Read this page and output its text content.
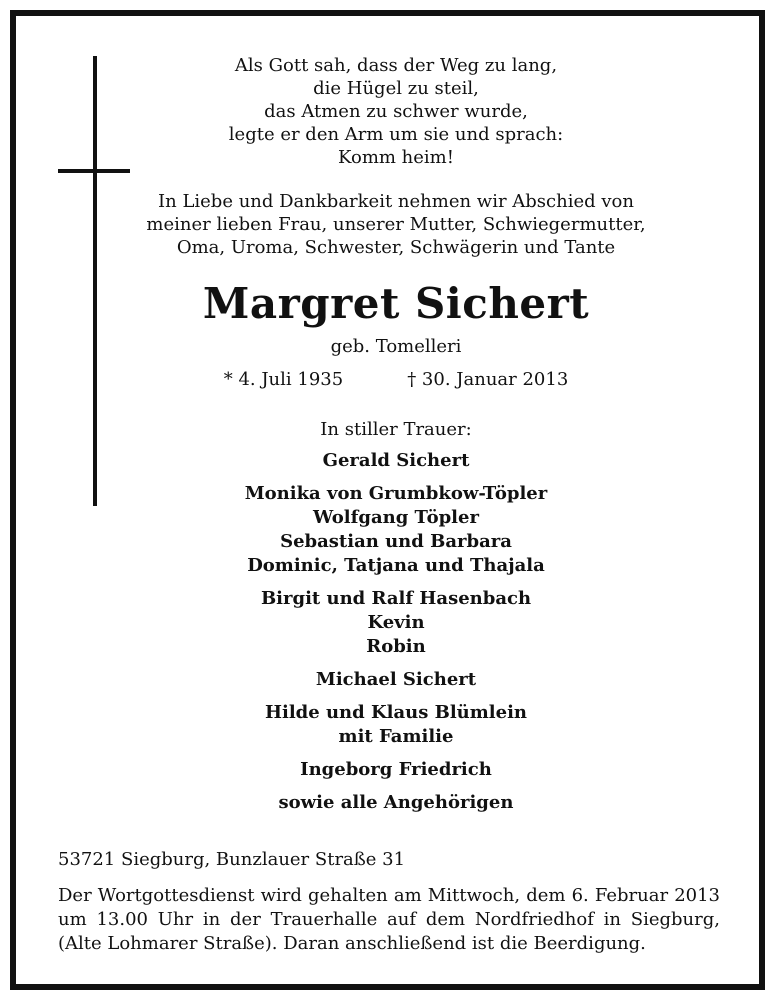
Als Gott sah, dass der Weg zu lang,
die Hügel zu steil,
das Atmen zu schwer wurde,
legte er den Arm um sie und sprach:
Komm heim!
In Liebe und Dankbarkeit nehmen wir Abschied von
meiner lieben Frau, unserer Mutter, Schwiegermutter,
Oma, Uroma, Schwester, Schwägerin und Tante
Margret Sichert
geb. Tomelleri
* 4. Juli 1935	† 30. Januar 2013
In stiller Trauer:
Gerald Sichert
Monika von Grumbkow-Töpler
Wolfgang Töpler
Sebastian und Barbara
Dominic, Tatjana und Thajala
Birgit und Ralf Hasenbach
Kevin
Robin
Michael Sichert
Hilde und Klaus Blümlein
mit Familie
Ingeborg Friedrich
sowie alle Angehörigen
53721 Siegburg, Bunzlauer Straße 31
Der Wortgottesdienst wird gehalten am Mittwoch, dem 6. Februar 2013 um 13.00 Uhr in der Trauerhalle auf dem Nordfriedhof in Siegburg, (Alte Lohmarer Straße). Daran anschließend ist die Beerdigung.
